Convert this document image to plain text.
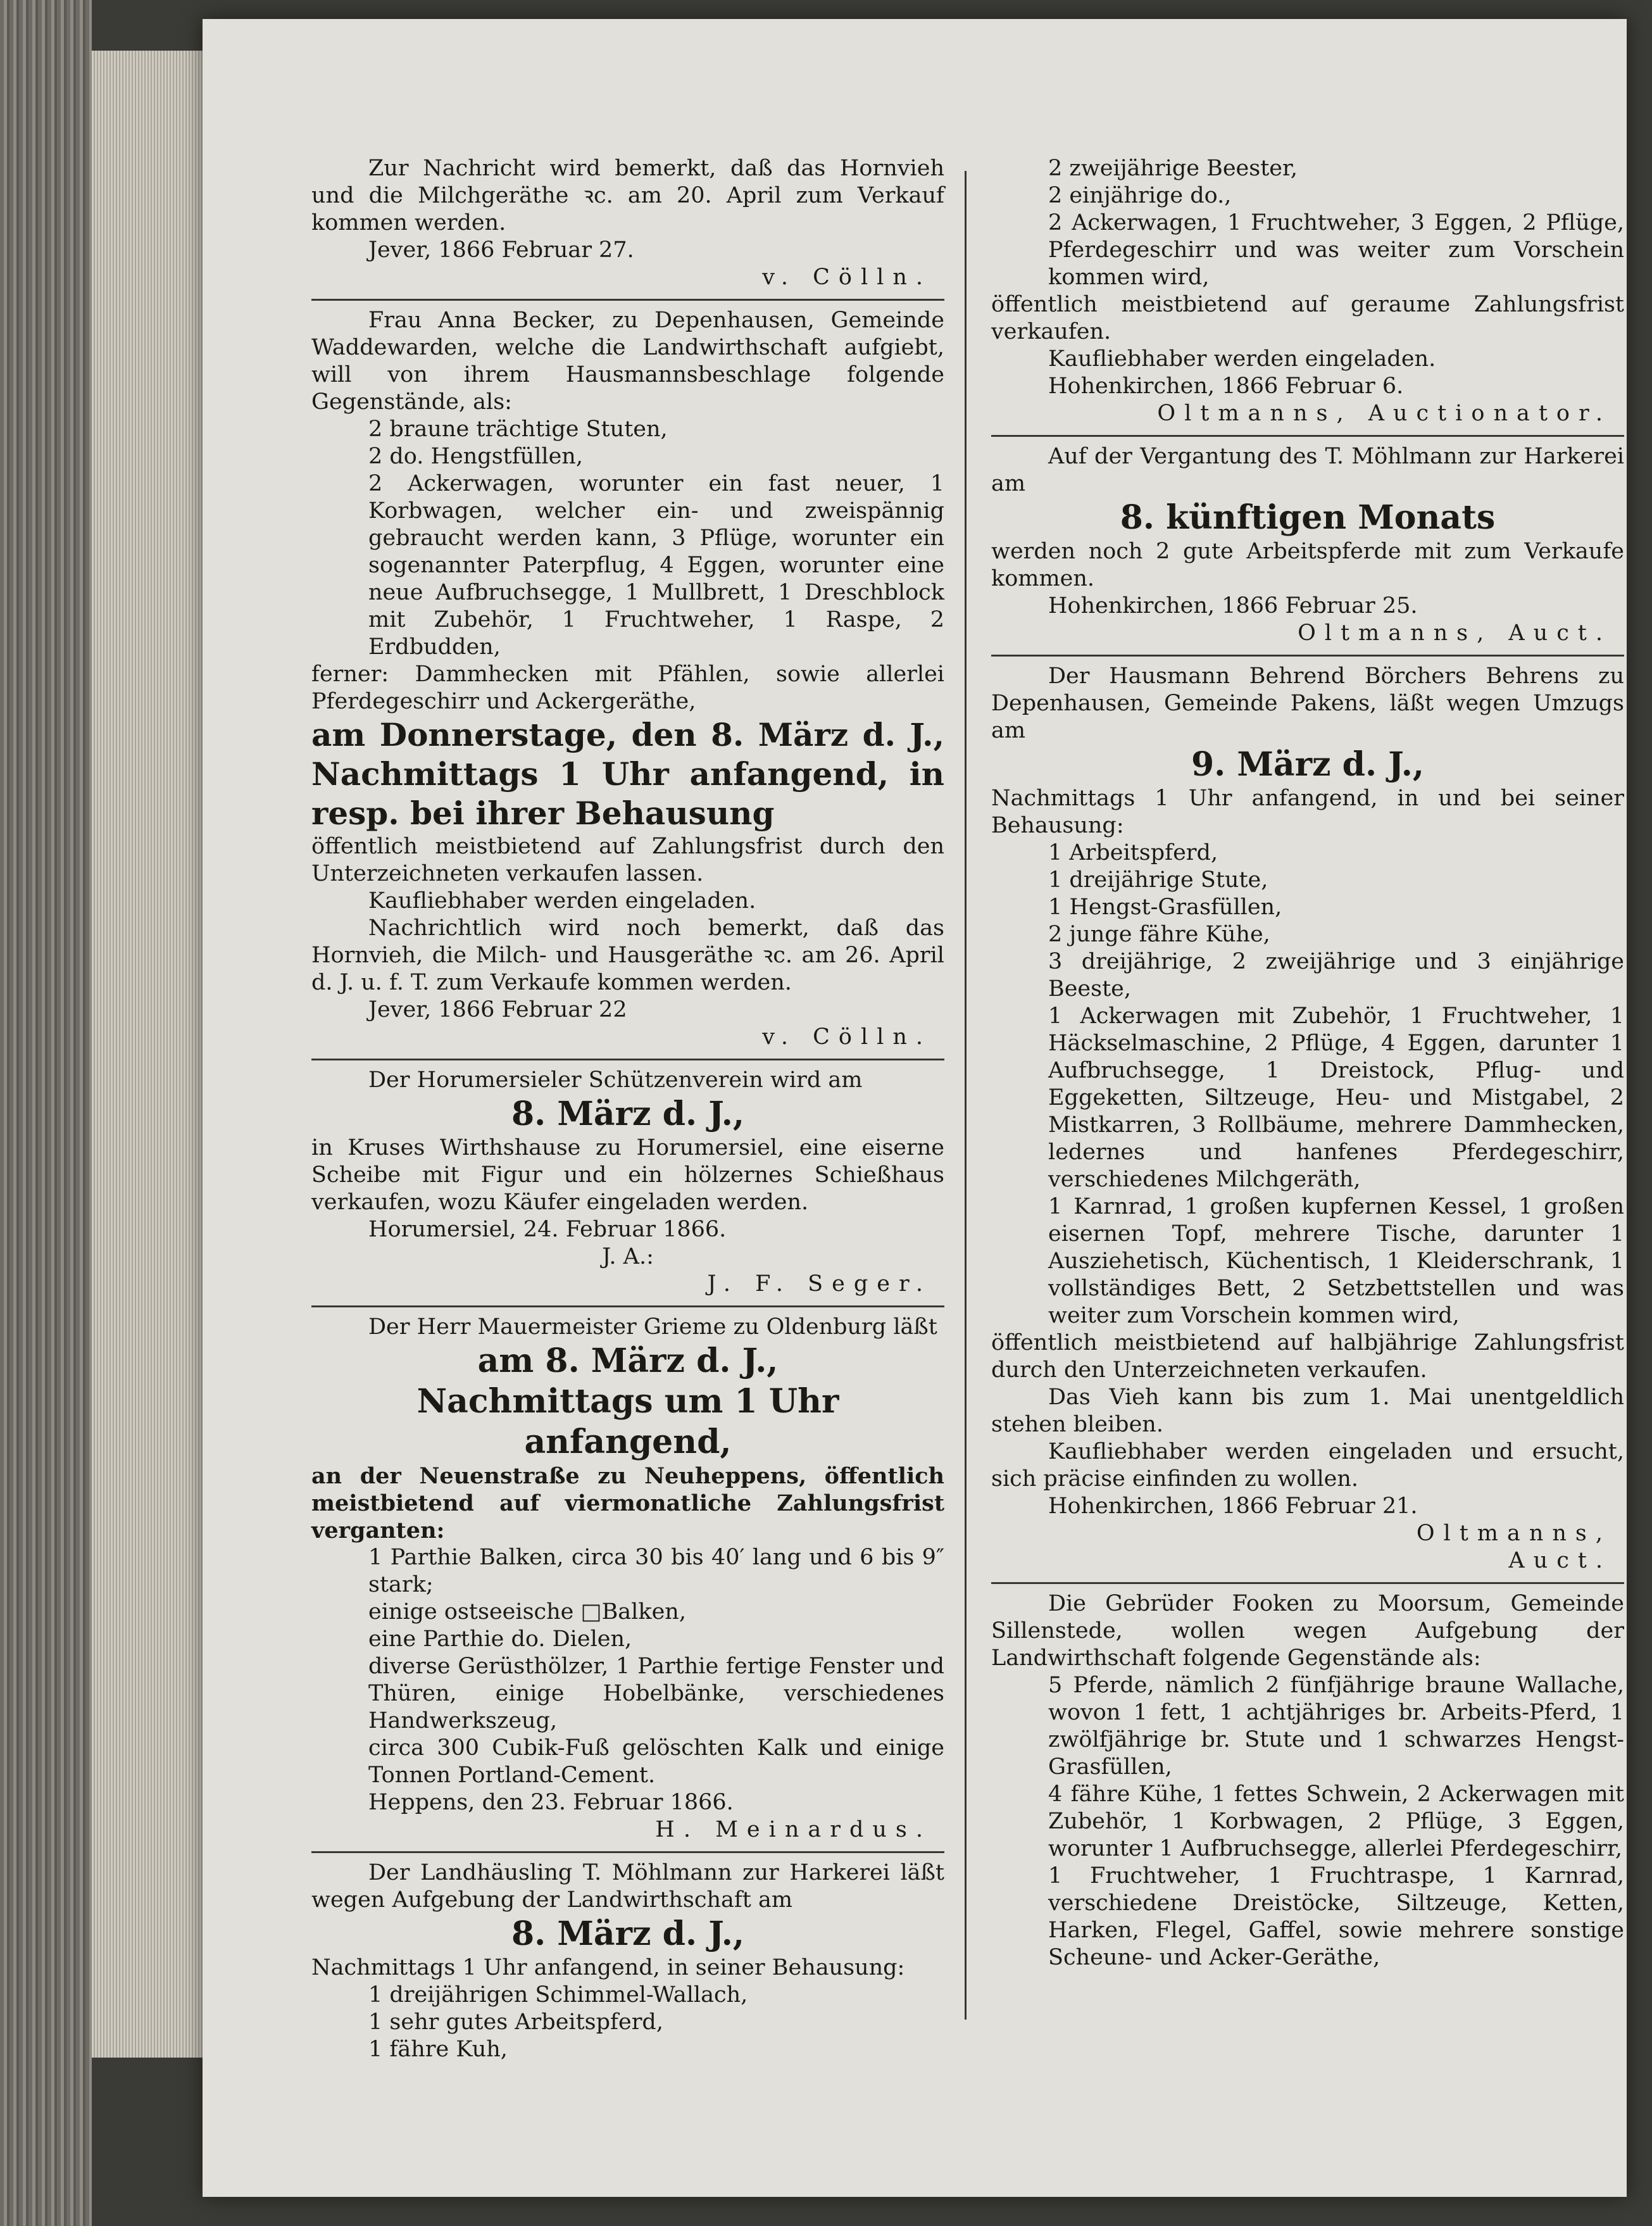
Zur Nachricht wird bemerkt, daß das Hornvieh und die Milchgeräthe ꝛc. am 20. April zum Verkauf kommen werden.

Jever, 1866 Februar 27.

v. Cölln.

Frau Anna Becker, zu Depenhausen, Gemeinde Waddewarden, welche die Landwirthschaft aufgiebt, will von ihrem Hausmannsbeschlage folgende Gegenstände, als:

2 braune trächtige Stuten,

2 do. Hengstfüllen,

2 Ackerwagen, worunter ein fast neuer, 1 Korbwagen, welcher ein- und zweispännig gebraucht werden kann, 3 Pflüge, worunter ein sogenannter Paterpflug, 4 Eggen, worunter eine neue Aufbruchsegge, 1 Mullbrett, 1 Dreschblock mit Zubehör, 1 Fruchtweher, 1 Raspe, 2 Erdbudden,

ferner: Dammhecken mit Pfählen, sowie allerlei Pferdegeschirr und Ackergeräthe,

am Donnerstage, den 8. März d. J., Nachmittags 1 Uhr anfangend, in resp. bei ihrer Behausung

öffentlich meistbietend auf Zahlungsfrist durch den Unterzeichneten verkaufen lassen.

Kaufliebhaber werden eingeladen.

Nachrichtlich wird noch bemerkt, daß das Hornvieh, die Milch- und Hausgeräthe ꝛc. am 26. April d. J. u. f. T. zum Verkaufe kommen werden.

Jever, 1866 Februar 22

v. Cölln.

Der Horumersieler Schützenverein wird am

8. März d. J.,

in Kruses Wirthshause zu Horumersiel, eine eiserne Scheibe mit Figur und ein hölzernes Schießhaus verkaufen, wozu Käufer eingeladen werden.

Horumersiel, 24. Februar 1866.

J. A.:

J. F. Seger.

Der Herr Mauermeister Grieme zu Oldenburg läßt

am 8. März d. J.,

Nachmittags um 1 Uhr anfangend,

an der Neuenstraße zu Neuheppens, öffentlich meistbietend auf viermonatliche Zahlungsfrist verganten:

1 Parthie Balken, circa 30 bis 40′ lang und 6 bis 9″ stark;

einige ostseeische □Balken,

eine Parthie do. Dielen,

diverse Gerüsthölzer, 1 Parthie fertige Fenster und Thüren, einige Hobelbänke, verschiedenes Handwerkszeug,

circa 300 Cubik-Fuß gelöschten Kalk und einige Tonnen Portland-Cement.

Heppens, den 23. Februar 1866.

H. Meinardus.

Der Landhäusling T. Möhlmann zur Harkerei läßt wegen Aufgebung der Landwirthschaft am

8. März d. J.,

Nachmittags 1 Uhr anfangend, in seiner Behausung:

1 dreijährigen Schimmel-Wallach,

1 sehr gutes Arbeitspferd,

1 fähre Kuh,

2 zweijährige Beester,

2 einjährige do.,

2 Ackerwagen, 1 Fruchtweher, 3 Eggen, 2 Pflüge, Pferdegeschirr und was weiter zum Vorschein kommen wird,

öffentlich meistbietend auf geraume Zahlungsfrist verkaufen.

Kaufliebhaber werden eingeladen.

Hohenkirchen, 1866 Februar 6.

Oltmanns, Auctionator.

Auf der Vergantung des T. Möhlmann zur Harkerei am

8. künftigen Monats

werden noch 2 gute Arbeitspferde mit zum Verkaufe kommen.

Hohenkirchen, 1866 Februar 25.

Oltmanns, Auct.

Der Hausmann Behrend Börchers Behrens zu Depenhausen, Gemeinde Pakens, läßt wegen Umzugs am

9. März d. J.,

Nachmittags 1 Uhr anfangend, in und bei seiner Behausung:

1 Arbeitspferd,

1 dreijährige Stute,

1 Hengst-Grasfüllen,

2 junge fähre Kühe,

3 dreijährige, 2 zweijährige und 3 einjährige Beeste,

1 Ackerwagen mit Zubehör, 1 Fruchtweher, 1 Häckselmaschine, 2 Pflüge, 4 Eggen, darunter 1 Aufbruchsegge, 1 Dreistock, Pflug- und Eggeketten, Siltzeuge, Heu- und Mistgabel, 2 Mistkarren, 3 Rollbäume, mehrere Dammhecken, ledernes und hanfenes Pferdegeschirr, verschiedenes Milchgeräth,

1 Karnrad, 1 großen kupfernen Kessel, 1 großen eisernen Topf, mehrere Tische, darunter 1 Ausziehetisch, Küchentisch, 1 Kleiderschrank, 1 vollständiges Bett, 2 Setzbettstellen und was weiter zum Vorschein kommen wird,

öffentlich meistbietend auf halbjährige Zahlungsfrist durch den Unterzeichneten verkaufen.

Das Vieh kann bis zum 1. Mai unentgeldlich stehen bleiben.

Kaufliebhaber werden eingeladen und ersucht, sich präcise einfinden zu wollen.

Hohenkirchen, 1866 Februar 21.

Oltmanns,

Auct.

Die Gebrüder Fooken zu Moorsum, Gemeinde Sillenstede, wollen wegen Aufgebung der Landwirthschaft folgende Gegenstände als:

5 Pferde, nämlich 2 fünfjährige braune Wallache, wovon 1 fett, 1 achtjähriges br. Arbeits-Pferd, 1 zwölfjährige br. Stute und 1 schwarzes Hengst-Grasfüllen,

4 fähre Kühe, 1 fettes Schwein, 2 Ackerwagen mit Zubehör, 1 Korbwagen, 2 Pflüge, 3 Eggen, worunter 1 Aufbruchsegge, allerlei Pferdegeschirr,

1 Fruchtweher, 1 Fruchtraspe, 1 Karnrad, verschiedene Dreistöcke, Siltzeuge, Ketten, Harken, Flegel, Gaffel, sowie mehrere sonstige Scheune- und Acker-Geräthe,
